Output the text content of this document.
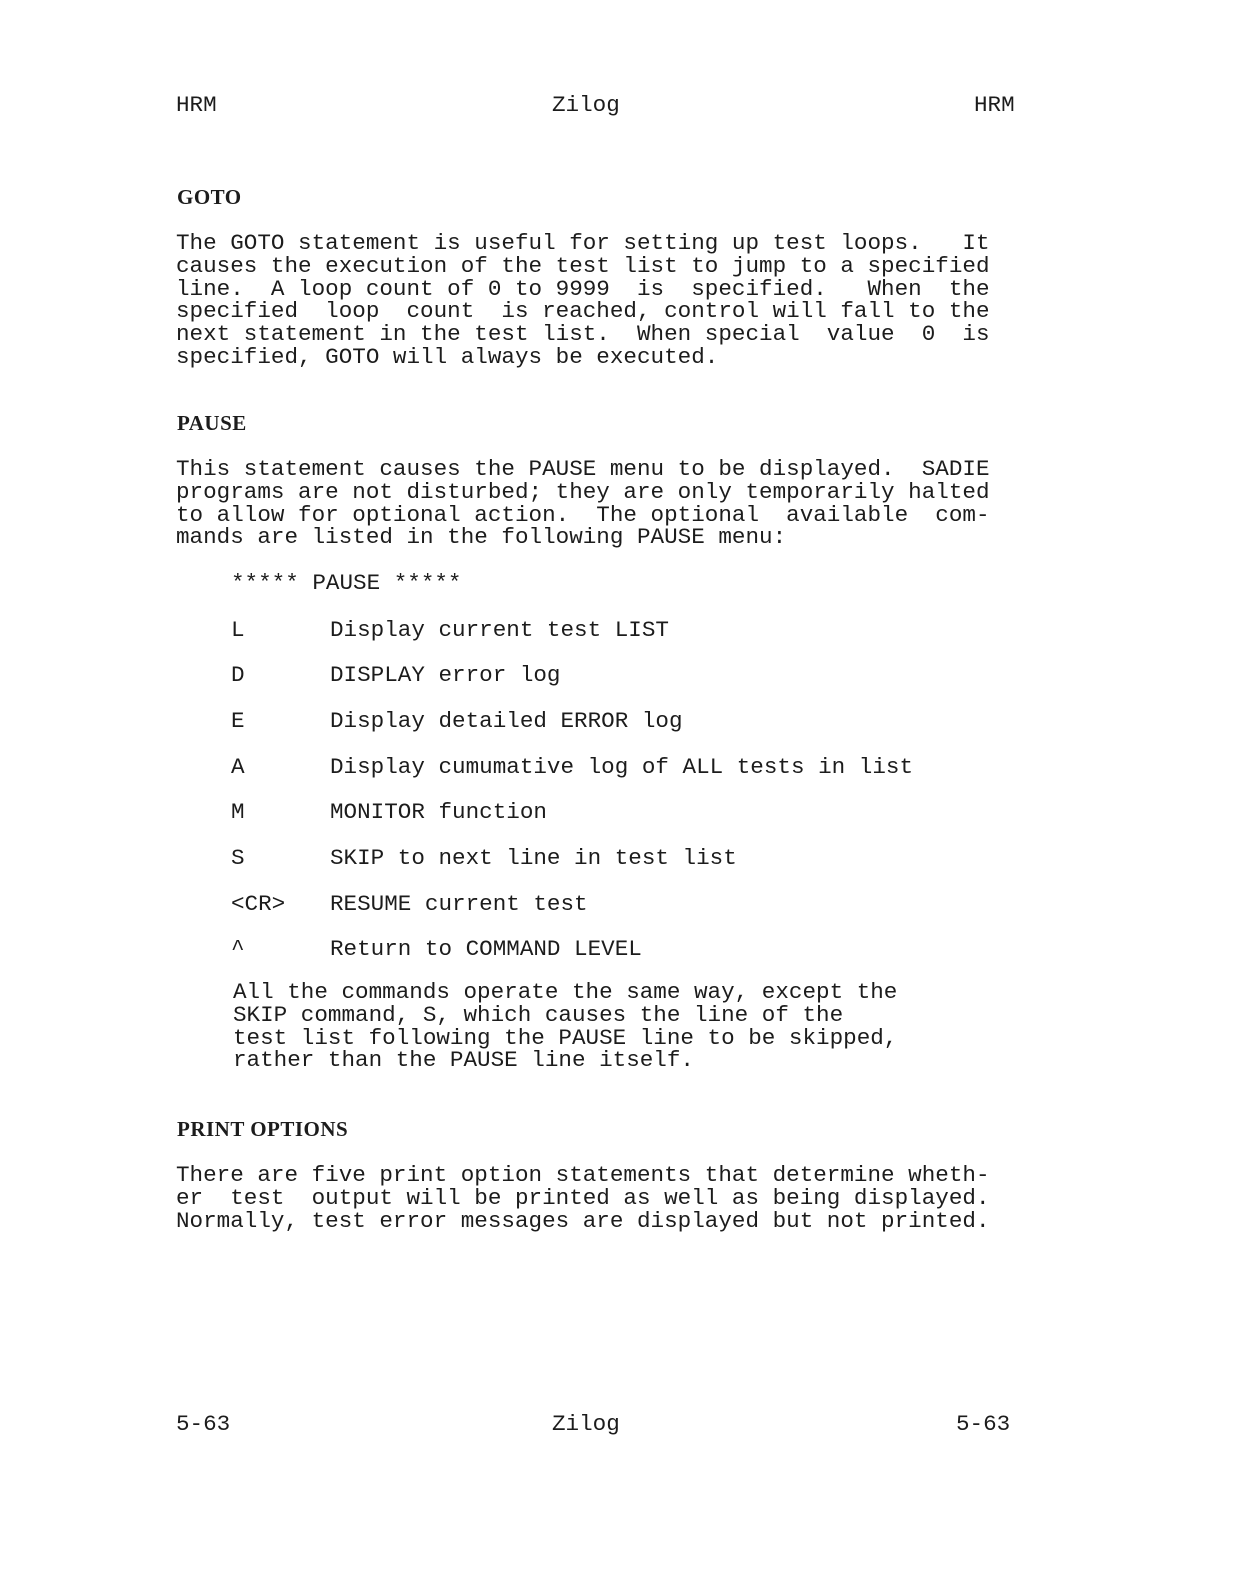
HRM	Zilog	HRM
GOTO
The GOTO statement is useful for setting up test loops.   It
causes the execution of the test list to jump to a specified
line.  A loop count of 0 to 9999  is  specified.   When  the
specified  loop  count  is reached, control will fall to the
next statement in the test list.  When special  value  0  is
specified, GOTO will always be executed.
PAUSE
This statement causes the PAUSE menu to be displayed.  SADIE
programs are not disturbed; they are only temporarily halted
to allow for optional action.  The optional  available  com-
mands are listed in the following PAUSE menu:
***** PAUSE *****
L	Display current test LIST
D	DISPLAY error log
E	Display detailed ERROR log
A	Display cumumative log of ALL tests in list
M	MONITOR function
S	SKIP to next line in test list
<CR> RESUME current test
^	Return to COMMAND LEVEL
All the commands operate the same way, except the
SKIP command, S, which causes the line of the
test list following the PAUSE line to be skipped,
rather than the PAUSE line itself.
PRINT OPTIONS
There are five print option statements that determine wheth-
er  test  output will be printed as well as being displayed.
Normally, test error messages are displayed but not printed.
5-63	Zilog	5-63
